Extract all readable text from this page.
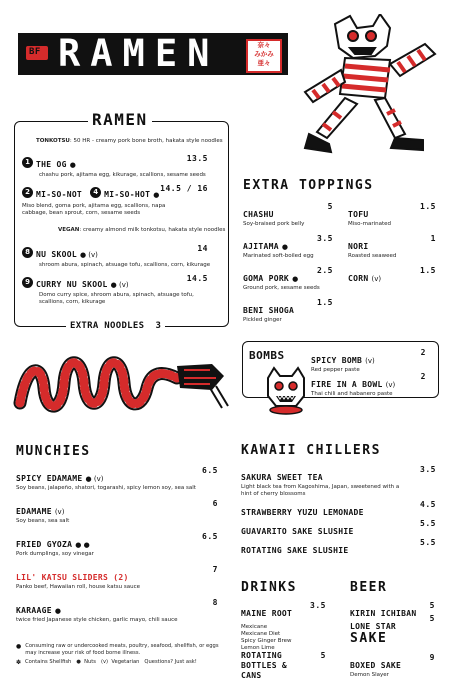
BF RAMEN	奈々
みかみ
亜々
RAMEN
TONKOTSU: 50 HR - creamy pork bone broth, hakata style noodles
1 THE OG ●
13.5
chashu pork, ajitama egg, kikurage, scallions, sesame seeds
2 MI-SO-NOT 4 MI-SO-HOT ●
14.5 / 16
Miso blend, goma pork, ajitama egg, scallions, napa cabbage, bean sprout, corn, sesame seeds
VEGAN: creamy almond milk tonkotsu, hakata style noodles
8 NU SKOOL ● (v)
14
shroom abura, spinach, atsuage tofu, scallions, corn, kikurage
9 CURRY NU SKOOL ● (v)
14.5
Domo curry spice, shroom abura, spinach, atsuage tofu, scallions, corn, kikurage
EXTRA NOODLES 3
EXTRA TOPPINGS
CHASHU
5
Soy-braised pork belly
TOFU
1.5
Miso-marinated
AJITAMA ●
3.5
Marinated soft-boiled egg
NORI
1
Roasted seaweed
GOMA PORK ●
2.5
Ground pork, sesame seeds
CORN (v)
1.5
BENI SHOGA
1.5
Pickled ginger
BOMBS	SPICY BOMB (v)
2
Red pepper paste
FIRE IN A BOWL (v)
2
Thai chili and habanero paste
MUNCHIES
SPICY EDAMAME ● (v)
6.5
Soy beans, jalapeño, shatori, togarashi, spicy lemon soy, sea salt
EDAMAME (v)
6
Soy beans, sea salt
FRIED GYOZA ● ●
6.5
Pork dumplings, soy vinegar
LIL' KATSU SLIDERS (2)
7
Panko beef, Hawaiian roll, house katsu sauce
KARAAGE ●
8
twice fried Japanese style chicken, garlic mayo, chili sauce
● Consuming raw or undercooked meats, poultry, seafood, shellfish, or eggs may increase your risk of food borne illness.
✽ Contains Shellfish   ●  Nuts   (v)  Vegetarian   Questions? Just ask!
KAWAII CHILLERS
SAKURA SWEET TEA
3.5
Light black tea from Kagoshima, Japan, sweetened with a hint of cherry blossoms
STRAWBERRY YUZU LEMONADE
4.5
GUAVARITO SAKE SLUSHIE
5.5
ROTATING SAKE SLUSHIE
5.5
DRINKS
MAINE ROOT
3.5
Mexicane
Mexicane Diet
Spicy Ginger Brew
Lemon Lime
ROTATING BOTTLES & CANS
5
BEER
KIRIN ICHIBAN
5
LONE STAR
5
SAKE
BOXED SAKE
9
Demon Slayer
